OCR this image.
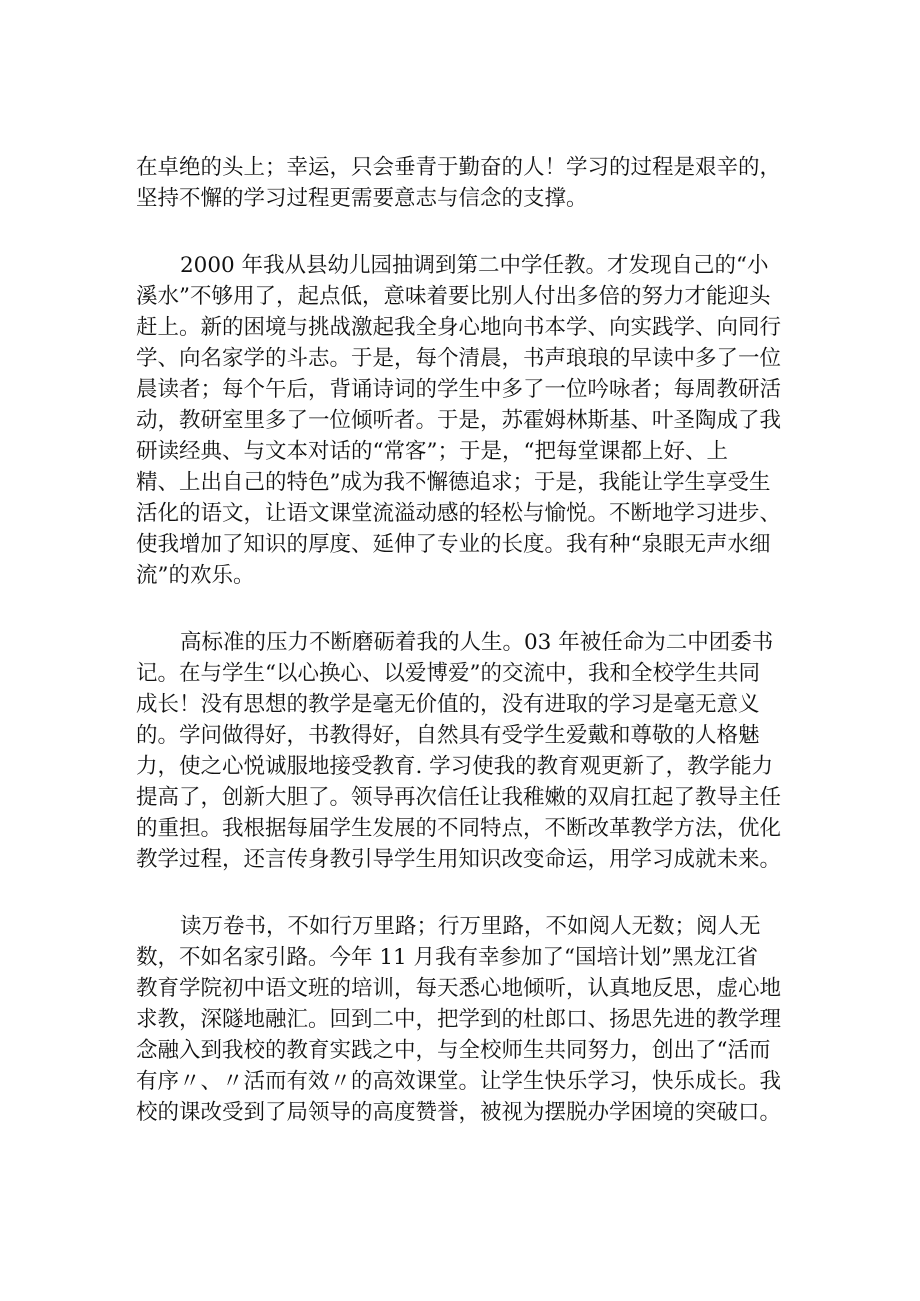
在卓绝的头上；幸运，只会垂青于勤奋的人！学习的过程是艰辛的，
坚持不懈的学习过程更需要意志与信念的支撑。

2000 年我从县幼儿园抽调到第二中学任教。才发现自己的“小
溪水”不够用了，起点低，意味着要比别人付出多倍的努力才能迎头
赶上。新的困境与挑战激起我全身心地向书本学、向实践学、向同行
学、向名家学的斗志。于是，每个清晨，书声琅琅的早读中多了一位
晨读者；每个午后，背诵诗词的学生中多了一位吟咏者；每周教研活
动，教研室里多了一位倾听者。于是，苏霍姆林斯基、叶圣陶成了我
研读经典、与文本对话的“常客”；于是，“把每堂课都上好、上
精、上出自己的特色”成为我不懈德追求；于是，我能让学生享受生
活化的语文，让语文课堂流溢动感的轻松与愉悦。不断地学习进步、
使我增加了知识的厚度、延伸了专业的长度。我有种“泉眼无声水细
流”的欢乐。

高标准的压力不断磨砺着我的人生。03 年被任命为二中团委书
记。在与学生“以心换心、以爱博爱”的交流中，我和全校学生共同
成长！没有思想的教学是毫无价值的，没有进取的学习是毫无意义
的。学问做得好，书教得好，自然具有受学生爱戴和尊敬的人格魅
力，使之心悦诚服地接受教育. 学习使我的教育观更新了，教学能力
提高了，创新大胆了。领导再次信任让我稚嫩的双肩扛起了教导主任
的重担。我根据每届学生发展的不同特点，不断改革教学方法，优化
教学过程，还言传身教引导学生用知识改变命运，用学习成就未来。

读万卷书，不如行万里路；行万里路，不如阅人无数；阅人无
数，不如名家引路。今年 11 月我有幸参加了“国培计划”黑龙江省
教育学院初中语文班的培训，每天悉心地倾听，认真地反思，虚心地
求教，深隧地融汇。回到二中，把学到的杜郎口、扬思先进的教学理
念融入到我校的教育实践之中，与全校师生共同努力，创出了“活而
有序〃、〃活而有效〃的高效课堂。让学生快乐学习，快乐成长。我
校的课改受到了局领导的高度赞誉，被视为摆脱办学困境的突破口。
